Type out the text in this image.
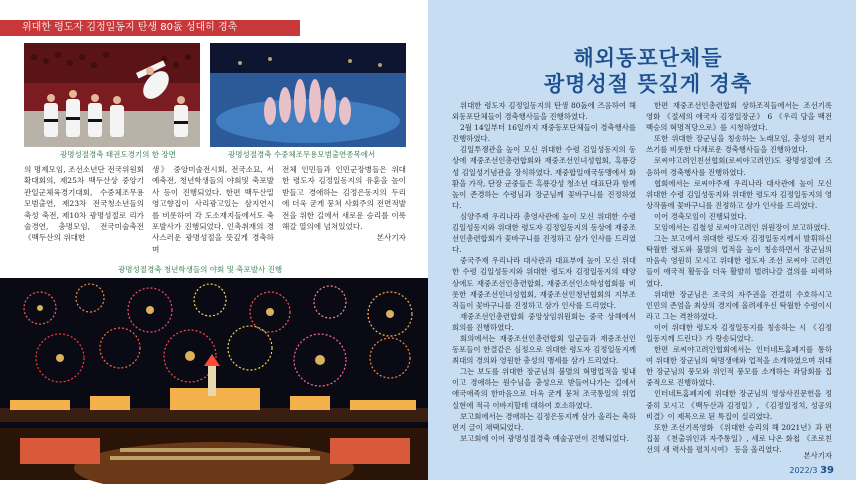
위대한 령도자 김정일동지 탄생 80돐 성대히 경축
광명성절경축 태권도경기의 한 장면	광명성절경축 수중체조무용모범출연종목에서

의 명제모임, 조선소년단 전국위원회 확대회의, 제25차 백두산상 중앙기관일군체육경기대회, 수중체조무용모범출연, 제23차 전국청소년들의 축성 축전, 제10차 광명성절로 리가술경연, 충명모임, 전국미술축전 《백두산의 위대한

생》 중앙미술전시회, 전국소묘, 서예축전, 청년학생들의 야회및 축포발사 등이 진행되었다. 한편 백두산밀영고향집이 사리광고있는 삼지연시를 비롯하여 각 도소재지들에서도 축포발사가 진행되었다. 인촉취재의 경사스러운 광명성절을 뜻깊게 경축하며

전체 인민들과 인민군장병들은 위대한 령도자 김정일동지의 유훈을 높이 받들고 경애하는 김정은동지의 두리에 더욱 굳게 뭉쳐 사회주의 전면적발전을 위한 길에서 새로운 승리를 이룩해갈 열의에 넘쳐있었다.

본사기자

광명성절경축 청년학생들의 야회 및 축포발사 진행
해외동포단체들
광명성절 뜻깊게 경축

위대한 령도자 김정일동지의 탄생 80돐에 즈음하여 해외동포단체들이 경축행사들을 진행하였다.

2월 14일부터 16일까지 재중동포단체들이 경축행사를 진행하였다.

김일투쟁관을 높이 모신 위대한 수령 김일성동지의 동상에 재중조선인총련합회와 재중조선인녀성협회, 흑룡강성 김일성기념관을 장식하였다. 재중합일애국동맹에서 화환을 가작, 단장 군중들은 흑룡강성 청소년 대표단과 함께 높이 존경하는 수령님과 장군님께 꽃바구니를 진정하였다.

심양주재 우리나라 총영사관에 높이 모신 위대한 수령 김일성동지와 위대한 령도자 김정일동지의 동상에 재중조선인총련합회가 꽃바구니를 진정하고 삼가 인사를 드리였다.

중국주재 우리나라 대사관과 대표부에 높이 모신 위대한 수령 김일성동지와 위대한 령도자 김정일동지의 태양상에도 재중조선인총련합회, 재중조선인소학성협회를 비롯한 재중조선인녀성협회, 재중조선인청년협회의 지부조직들이 꽃바구니를 진정하고 삼가 인사를 드리였다.

재중조선인총련합회 중앙상임위원회는 중국 상해에서 회의를 진행하였다.

회의에서는 재중조선인총련합회 일군들과 재중조선인동포들이 한결같은 심정으로 위대한 령도자 김정일동지께 최대의 경의와 영원한 충성의 맹세를 삼가 드리였다.

그는 보도를 위대한 장군님의 불멸의 혁명업적을 빛내이고 경애하는 원수님을 충성으로 받들어나가는 길에서 애국애족의 한마음으로 더욱 굳게 뭉쳐 조국통일의 위업실현에 적극 이바지할데 대하여 호소하였다.

보고회에서는 경애하는 김정은동지께 삼가 올리는 축하편지 글이 채택되었다.

보고회에 이어 광명성절경축 예술공연이 진행되었다.

한편 재중조선인총련합회 상하조직들에서는 조선기록영화 《절세의 애국자 김정일장군》 6 《우리 당을 백전백승의 혁명적당으로》를 시청하였다.

또한 위대한 장군님을 칭송하는 노래모임, 충성의 편지쓰기를 비롯한 다채로운 경축행사들을 진행하였다.

로씨야고려인친선협회(로씨야고려인)도 광명성절에 즈음하여 경축행사를 진행하였다.

협회에서는 로씨야주재 우리나라 대사관에 높이 모신 위대한 수령 김일성동지와 위대한 령도자 김정일동지의 영상작품에 꽃바구니를 진정하고 삼가 인사를 드리였다.

이어 경축모임이 진행되였다.

모임에서는 김철성 로씨야고려인 위원장이 보고하였다.

그는 보고에서 위대한 령도자 김정일동지께서 발휘하신 탁월한 령도와 불멸의 업적을 높이 칭송하면서 장군님의 마음속 영원히 모시고 위대한 령도자 조선 로씨야 고려인들이 애국적 활동을 더욱 활발히 벌려나갈 결의를 피력하였다.

위대한 장군님은 조국의 자주권을 견결히 수호하시고 인민의 존엄을 최상의 경지에 올려세우신 탁월한 수령이시라고 그는 격찬하였다.

이어 위대한 령도자 김정일동지를 칭송하는 시 《김정일동지께 드린다》가 랑송되었다.

한편 로씨야고려인협회에서는 인터네트홈페지를 통하여 위대한 장군님의 혁명생애와 업적을 소개하였으며 위대한 장군님의 풍모와 위인적 풍모를 소개하는 좌담회를 집중적으로 진행하였다.

인터네트홈페지에 위대한 장군님의 영상사진문헌을 정중히 모시고 《백두산과 김정일》, 《김정일정치, 성공의 비결》이 제목으로 된 특집이 실리였다.

또한 조선기록영화 《위대한 승리의 해 2021년》과 편집물 《천출위인과 자주통일》, 세로 나온 화첩 《조로친선의 새 력사를 펼치시여》 등을 올리였다.

본사기자
2022/3 39
